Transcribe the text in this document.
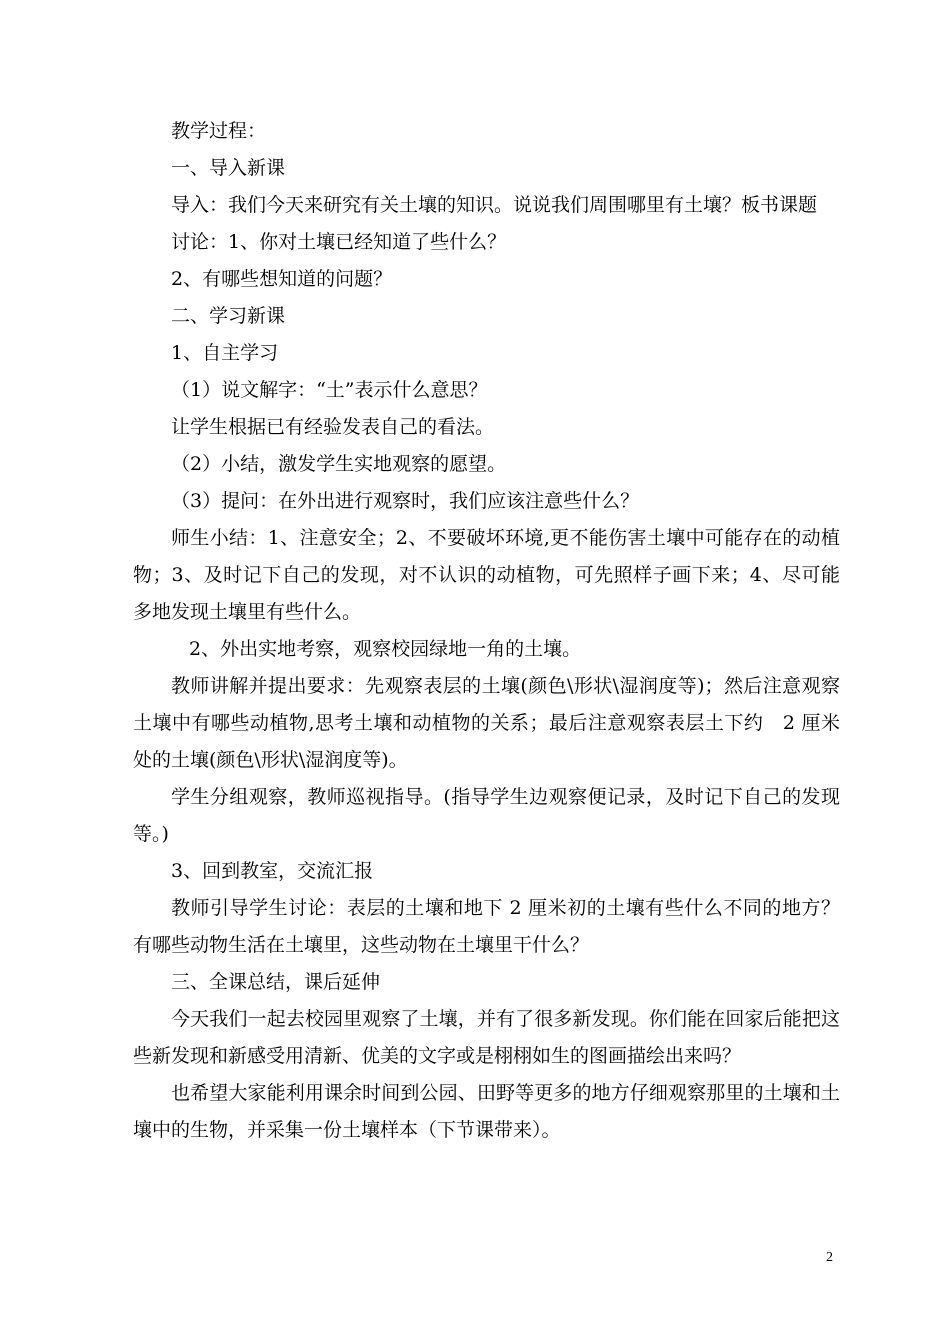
教学过程：

一、导入新课

导入：我们今天来研究有关土壤的知识。说说我们周围哪里有土壤？板书课题

讨论：1、你对土壤已经知道了些什么？

2、有哪些想知道的问题？

二、学习新课

1、自主学习

（1）说文解字：“土”表示什么意思？

让学生根据已有经验发表自己的看法。

（2）小结，激发学生实地观察的愿望。

（3）提问：在外出进行观察时，我们应该注意些什么？

师生小结：1、注意安全；2、不要破坏环境,更不能伤害土壤中可能存在的动植物；3、及时记下自己的发现，对不认识的动植物，可先照样子画下来；4、尽可能多地发现土壤里有些什么。

2、外出实地考察，观察校园绿地一角的土壤。

教师讲解并提出要求：先观察表层的土壤(颜色\形状\湿润度等)；然后注意观察土壤中有哪些动植物,思考土壤和动植物的关系；最后注意观察表层土下约　2 厘米处的土壤(颜色\形状\湿润度等)。

学生分组观察，教师巡视指导。(指导学生边观察便记录，及时记下自己的发现等。)

3、回到教室，交流汇报

教师引导学生讨论：表层的土壤和地下 2 厘米初的土壤有些什么不同的地方？有哪些动物生活在土壤里，这些动物在土壤里干什么？

三、全课总结，课后延伸

今天我们一起去校园里观察了土壤，并有了很多新发现。你们能在回家后能把这些新发现和新感受用清新、优美的文字或是栩栩如生的图画描绘出来吗？

也希望大家能利用课余时间到公园、田野等更多的地方仔细观察那里的土壤和土壤中的生物，并采集一份土壤样本（下节课带来）。

2
